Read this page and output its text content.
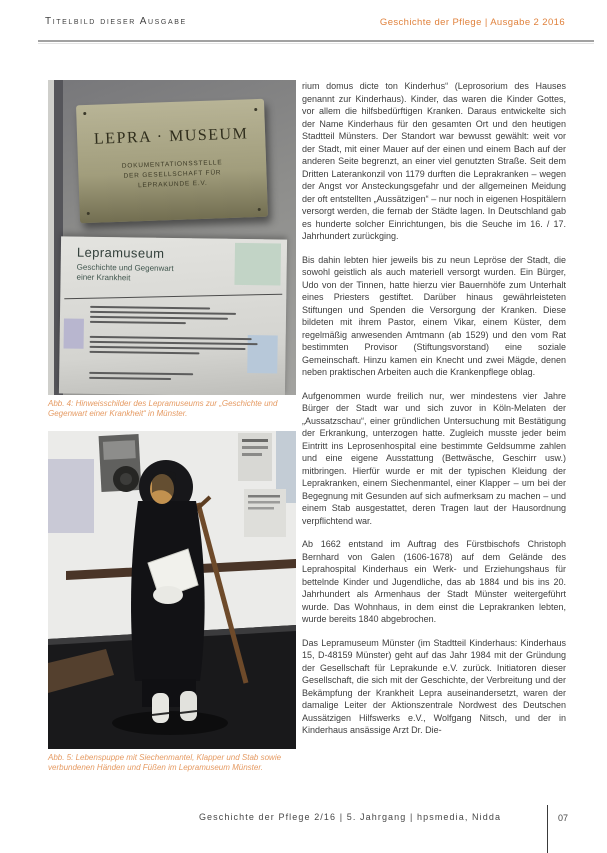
Titelbild dieser Ausgabe	Geschichte der Pflege | Ausgabe 2 2016
LEPRA · MUSEUM
DOKUMENTATIONSSTELLE
DER GESELLSCHAFT FÜR
LEPRAKUNDE E.V.
Lepramuseum
Geschichte und Gegenwart
einer Krankheit
Abb. 4: Hinweisschilder des Lepramuseums zur „Geschichte und Gegenwart einer Krankheit“ in Münster.
Abb. 5: Lebenspuppe mit Siechenmantel, Klapper und Stab sowie verbundenen Händen und Füßen im Lepramuseum Münster.

rium domus dicte ton Kinderhus“ (Leprosorium des Hauses genannt zur Kinderhaus). Kinder, das waren die Kinder Gottes, vor allem die hilfsbedürftigen Kranken. Daraus entwickelte sich der Name Kinderhaus für den gesamten Ort und den heutigen Stadtteil Münsters. Der Standort war bewusst gewählt: weit vor der Stadt, mit einer Mauer auf der einen und einem Bach auf der anderen Seite begrenzt, an einer viel genutzten Straße. Seit dem Dritten Laterankonzil von 1179 durften die Leprakranken – wegen der Angst vor Ansteckungsgefahr und der allgemeinen Meidung der oft entstellten „Aussätzigen“ – nur noch in eigenen Hospitälern versorgt werden, die fernab der Städte lagen. In Deutschland gab es hunderte solcher Einrichtungen, bis die Seuche im 16. / 17. Jahrhundert zurückging.

Bis dahin lebten hier jeweils bis zu neun Lepröse der Stadt, die sowohl geistlich als auch materiell versorgt wurden. Ein Bürger, Udo von der Tinnen, hatte hierzu vier Bauernhöfe zum Unterhalt eines Priesters gestiftet. Darüber hinaus gewährleisteten Stiftungen und Spenden die Versorgung der Kranken. Diese bildeten mit ihrem Pastor, einem Vikar, einem Küster, dem regelmäßig anwesenden Amtmann (ab 1529) und den vom Rat bestimmten Provisor (Stiftungsvorstand) eine soziale Gemeinschaft. Hinzu kamen ein Knecht und zwei Mägde, denen neben praktischen Arbeiten auch die Krankenpflege oblag.

Aufgenommen wurde freilich nur, wer mindestens vier Jahre Bürger der Stadt war und sich zuvor in Köln-Melaten der „Aussatzschau“, einer gründlichen Untersuchung mit Bestätigung der Erkrankung, unterzogen hatte. Zugleich musste jeder beim Eintritt ins Leprosenhospital eine bestimmte Geldsumme zahlen und eine eigene Ausstattung (Bettwäsche, Geschirr usw.) mitbringen. Hierfür wurde er mit der typischen Kleidung der Leprakranken, einem Siechenmantel, einer Klapper – um bei der Begegnung mit Gesunden auf sich aufmerksam zu machen – und einem Stab ausgestattet, deren Tragen laut der Hausordnung verpflichtend war.

Ab 1662 entstand im Auftrag des Fürstbischofs Christoph Bernhard von Galen (1606-1678) auf dem Gelände des Leprahospital Kinderhaus ein Werk- und Erziehungshaus für bettelnde Kinder und Jugendliche, das ab 1884 und bis ins 20. Jahrhundert als Armenhaus der Stadt Münster weitergeführt wurde. Das Wohnhaus, in dem einst die Leprakranken lebten, wurde bereits 1840 abgebrochen.

Das Lepramuseum Münster (im Stadtteil Kinderhaus: Kinderhaus 15, D-48159 Münster) geht auf das Jahr 1984 mit der Gründung der Gesellschaft für Leprakunde e.V. zurück. Initiatoren dieser Gesellschaft, die sich mit der Geschichte, der Verbreitung und der Bekämpfung der Krankheit Lepra auseinandersetzt, waren der damalige Leiter der Aktionszentrale Nordwest des Deutschen Aussätzigen Hilfswerks e.V., Wolfgang Nitsch, und der in Kinderhaus ansässige Arzt Dr. Die-

Geschichte der Pflege 2/16 | 5. Jahrgang | hpsmedia, Nidda	07
